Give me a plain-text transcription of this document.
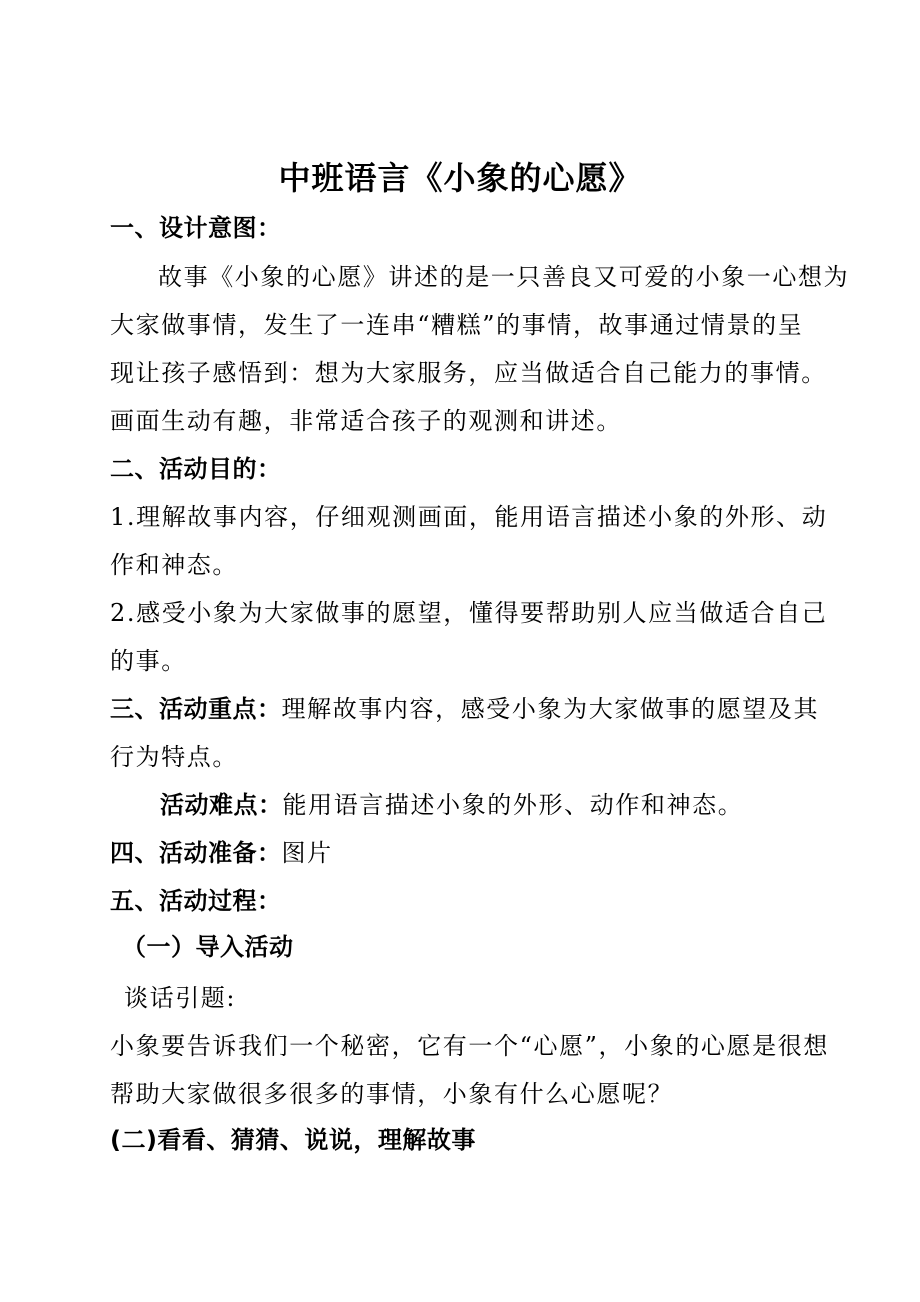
中班语言《小象的心愿》
一、设计意图：
故事《小象的心愿》讲述的是一只善良又可爱的小象一心想为
大家做事情，发生了一连串“糟糕”的事情，故事通过情景的呈
现让孩子感悟到：想为大家服务，应当做适合自己能力的事情。
画面生动有趣，非常适合孩子的观测和讲述。
二、活动目的：
1.理解故事内容，仔细观测画面，能用语言描述小象的外形、动
作和神态。
2.感受小象为大家做事的愿望，懂得要帮助别人应当做适合自己
的事。
三、活动重点：理解故事内容，感受小象为大家做事的愿望及其
行为特点。
活动难点：能用语言描述小象的外形、动作和神态。
四、活动准备：图片
五、活动过程：
（一）导入活动
谈话引题:
小象要告诉我们一个秘密，它有一个“心愿”，小象的心愿是很想
帮助大家做很多很多的事情，小象有什么心愿呢？
(二)看看、猜猜、说说，理解故事
